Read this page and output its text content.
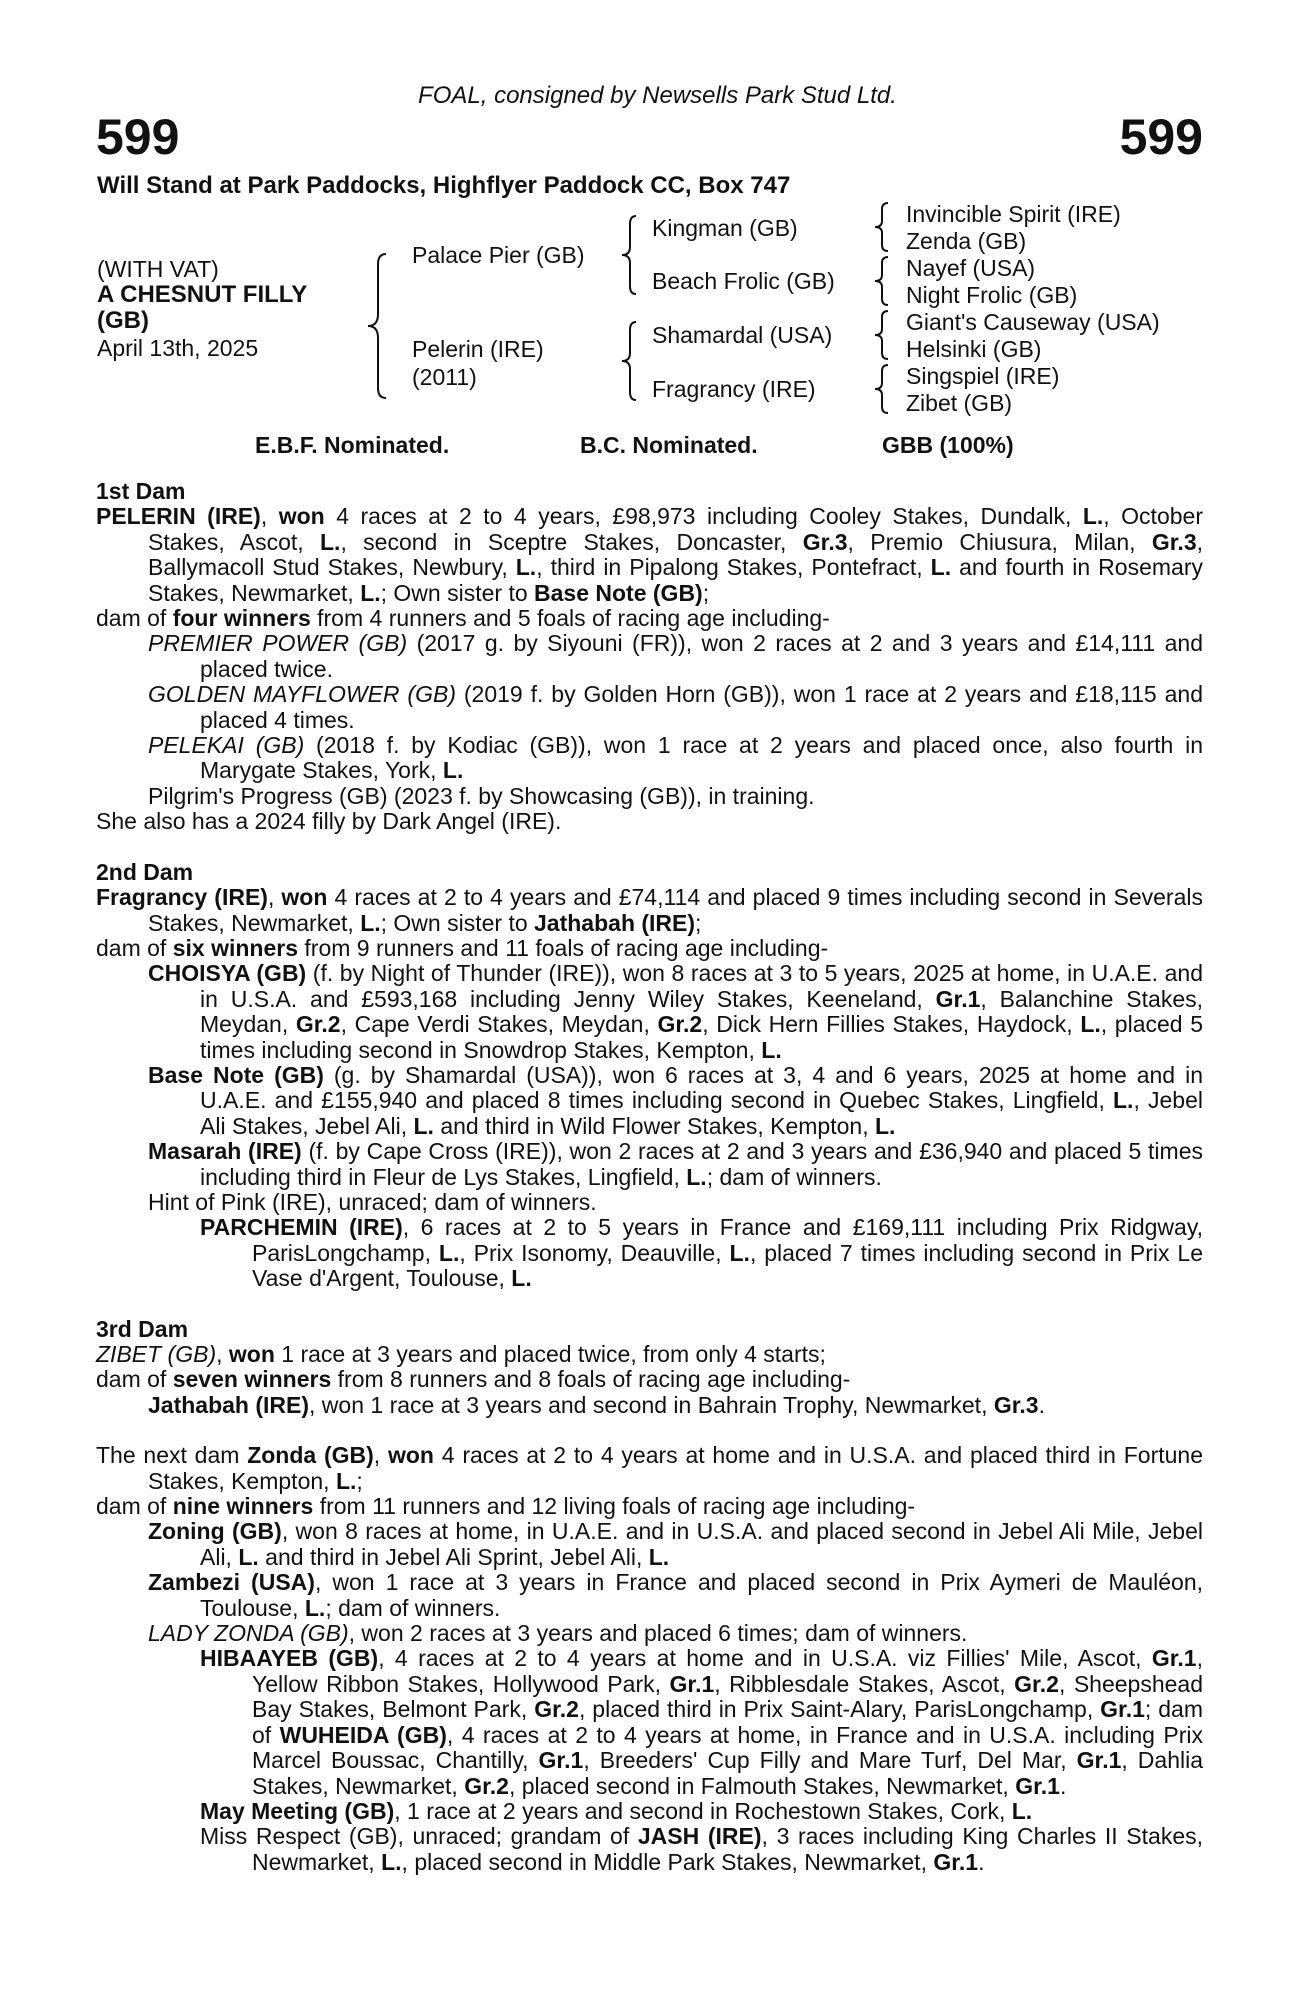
FOAL, consigned by Newsells Park Stud Ltd.
599	599
Will Stand at Park Paddocks, Highflyer Paddock CC, Box 747
(WITH VAT)
A CHESNUT FILLY
(GB)
April 13th, 2025
Palace Pier (GB)
Pelerin (IRE)
(2011)
Kingman (GB)
Beach Frolic (GB)
Shamardal (USA)
Fragrancy (IRE)
Invincible Spirit (IRE)
Zenda (GB)
Nayef (USA)
Night Frolic (GB)
Giant's Causeway (USA)
Helsinki (GB)
Singspiel (IRE)
Zibet (GB)
E.B.F. Nominated.	B.C. Nominated.	GBB (100%)
1st Dam

PELERIN (IRE), won 4 races at 2 to 4 years, £98,973 including Cooley Stakes, Dundalk, L., October Stakes, Ascot, L., second in Sceptre Stakes, Doncaster, Gr.3, Premio Chiusura, Milan, Gr.3, Ballymacoll Stud Stakes, Newbury, L., third in Pipalong Stakes, Pontefract, L. and fourth in Rosemary Stakes, Newmarket, L.; Own sister to Base Note (GB);

dam of four winners from 4 runners and 5 foals of racing age including-

PREMIER POWER (GB) (2017 g. by Siyouni (FR)), won 2 races at 2 and 3 years and £14,111 and placed twice.

GOLDEN MAYFLOWER (GB) (2019 f. by Golden Horn (GB)), won 1 race at 2 years and £18,115 and placed 4 times.

PELEKAI (GB) (2018 f. by Kodiac (GB)), won 1 race at 2 years and placed once, also fourth in Marygate Stakes, York, L.

Pilgrim's Progress (GB) (2023 f. by Showcasing (GB)), in training.

She also has a 2024 filly by Dark Angel (IRE).

2nd Dam

Fragrancy (IRE), won 4 races at 2 to 4 years and £74,114 and placed 9 times including second in Severals Stakes, Newmarket, L.; Own sister to Jathabah (IRE);

dam of six winners from 9 runners and 11 foals of racing age including-

CHOISYA (GB) (f. by Night of Thunder (IRE)), won 8 races at 3 to 5 years, 2025 at home, in U.A.E. and in U.S.A. and £593,168 including Jenny Wiley Stakes, Keeneland, Gr.1, Balanchine Stakes, Meydan, Gr.2, Cape Verdi Stakes, Meydan, Gr.2, Dick Hern Fillies Stakes, Haydock, L., placed 5 times including second in Snowdrop Stakes, Kempton, L.

Base Note (GB) (g. by Shamardal (USA)), won 6 races at 3, 4 and 6 years, 2025 at home and in U.A.E. and £155,940 and placed 8 times including second in Quebec Stakes, Lingfield, L., Jebel Ali Stakes, Jebel Ali, L. and third in Wild Flower Stakes, Kempton, L.

Masarah (IRE) (f. by Cape Cross (IRE)), won 2 races at 2 and 3 years and £36,940 and placed 5 times including third in Fleur de Lys Stakes, Lingfield, L.; dam of winners.

Hint of Pink (IRE), unraced; dam of winners.

PARCHEMIN (IRE), 6 races at 2 to 5 years in France and £169,111 including Prix Ridgway, ParisLongchamp, L., Prix Isonomy, Deauville, L., placed 7 times including second in Prix Le Vase d'Argent, Toulouse, L.

3rd Dam

ZIBET (GB), won 1 race at 3 years and placed twice, from only 4 starts;

dam of seven winners from 8 runners and 8 foals of racing age including-

Jathabah (IRE), won 1 race at 3 years and second in Bahrain Trophy, Newmarket, Gr.3.

The next dam Zonda (GB), won 4 races at 2 to 4 years at home and in U.S.A. and placed third in Fortune Stakes, Kempton, L.;

dam of nine winners from 11 runners and 12 living foals of racing age including-

Zoning (GB), won 8 races at home, in U.A.E. and in U.S.A. and placed second in Jebel Ali Mile, Jebel Ali, L. and third in Jebel Ali Sprint, Jebel Ali, L.

Zambezi (USA), won 1 race at 3 years in France and placed second in Prix Aymeri de Mauléon, Toulouse, L.; dam of winners.

LADY ZONDA (GB), won 2 races at 3 years and placed 6 times; dam of winners.

HIBAAYEB (GB), 4 races at 2 to 4 years at home and in U.S.A. viz Fillies' Mile, Ascot, Gr.1, Yellow Ribbon Stakes, Hollywood Park, Gr.1, Ribblesdale Stakes, Ascot, Gr.2, Sheepshead Bay Stakes, Belmont Park, Gr.2, placed third in Prix Saint-Alary, ParisLongchamp, Gr.1; dam of WUHEIDA (GB), 4 races at 2 to 4 years at home, in France and in U.S.A. including Prix Marcel Boussac, Chantilly, Gr.1, Breeders' Cup Filly and Mare Turf, Del Mar, Gr.1, Dahlia Stakes, Newmarket, Gr.2, placed second in Falmouth Stakes, Newmarket, Gr.1.

May Meeting (GB), 1 race at 2 years and second in Rochestown Stakes, Cork, L.

Miss Respect (GB), unraced; grandam of JASH (IRE), 3 races including King Charles II Stakes, Newmarket, L., placed second in Middle Park Stakes, Newmarket, Gr.1.
